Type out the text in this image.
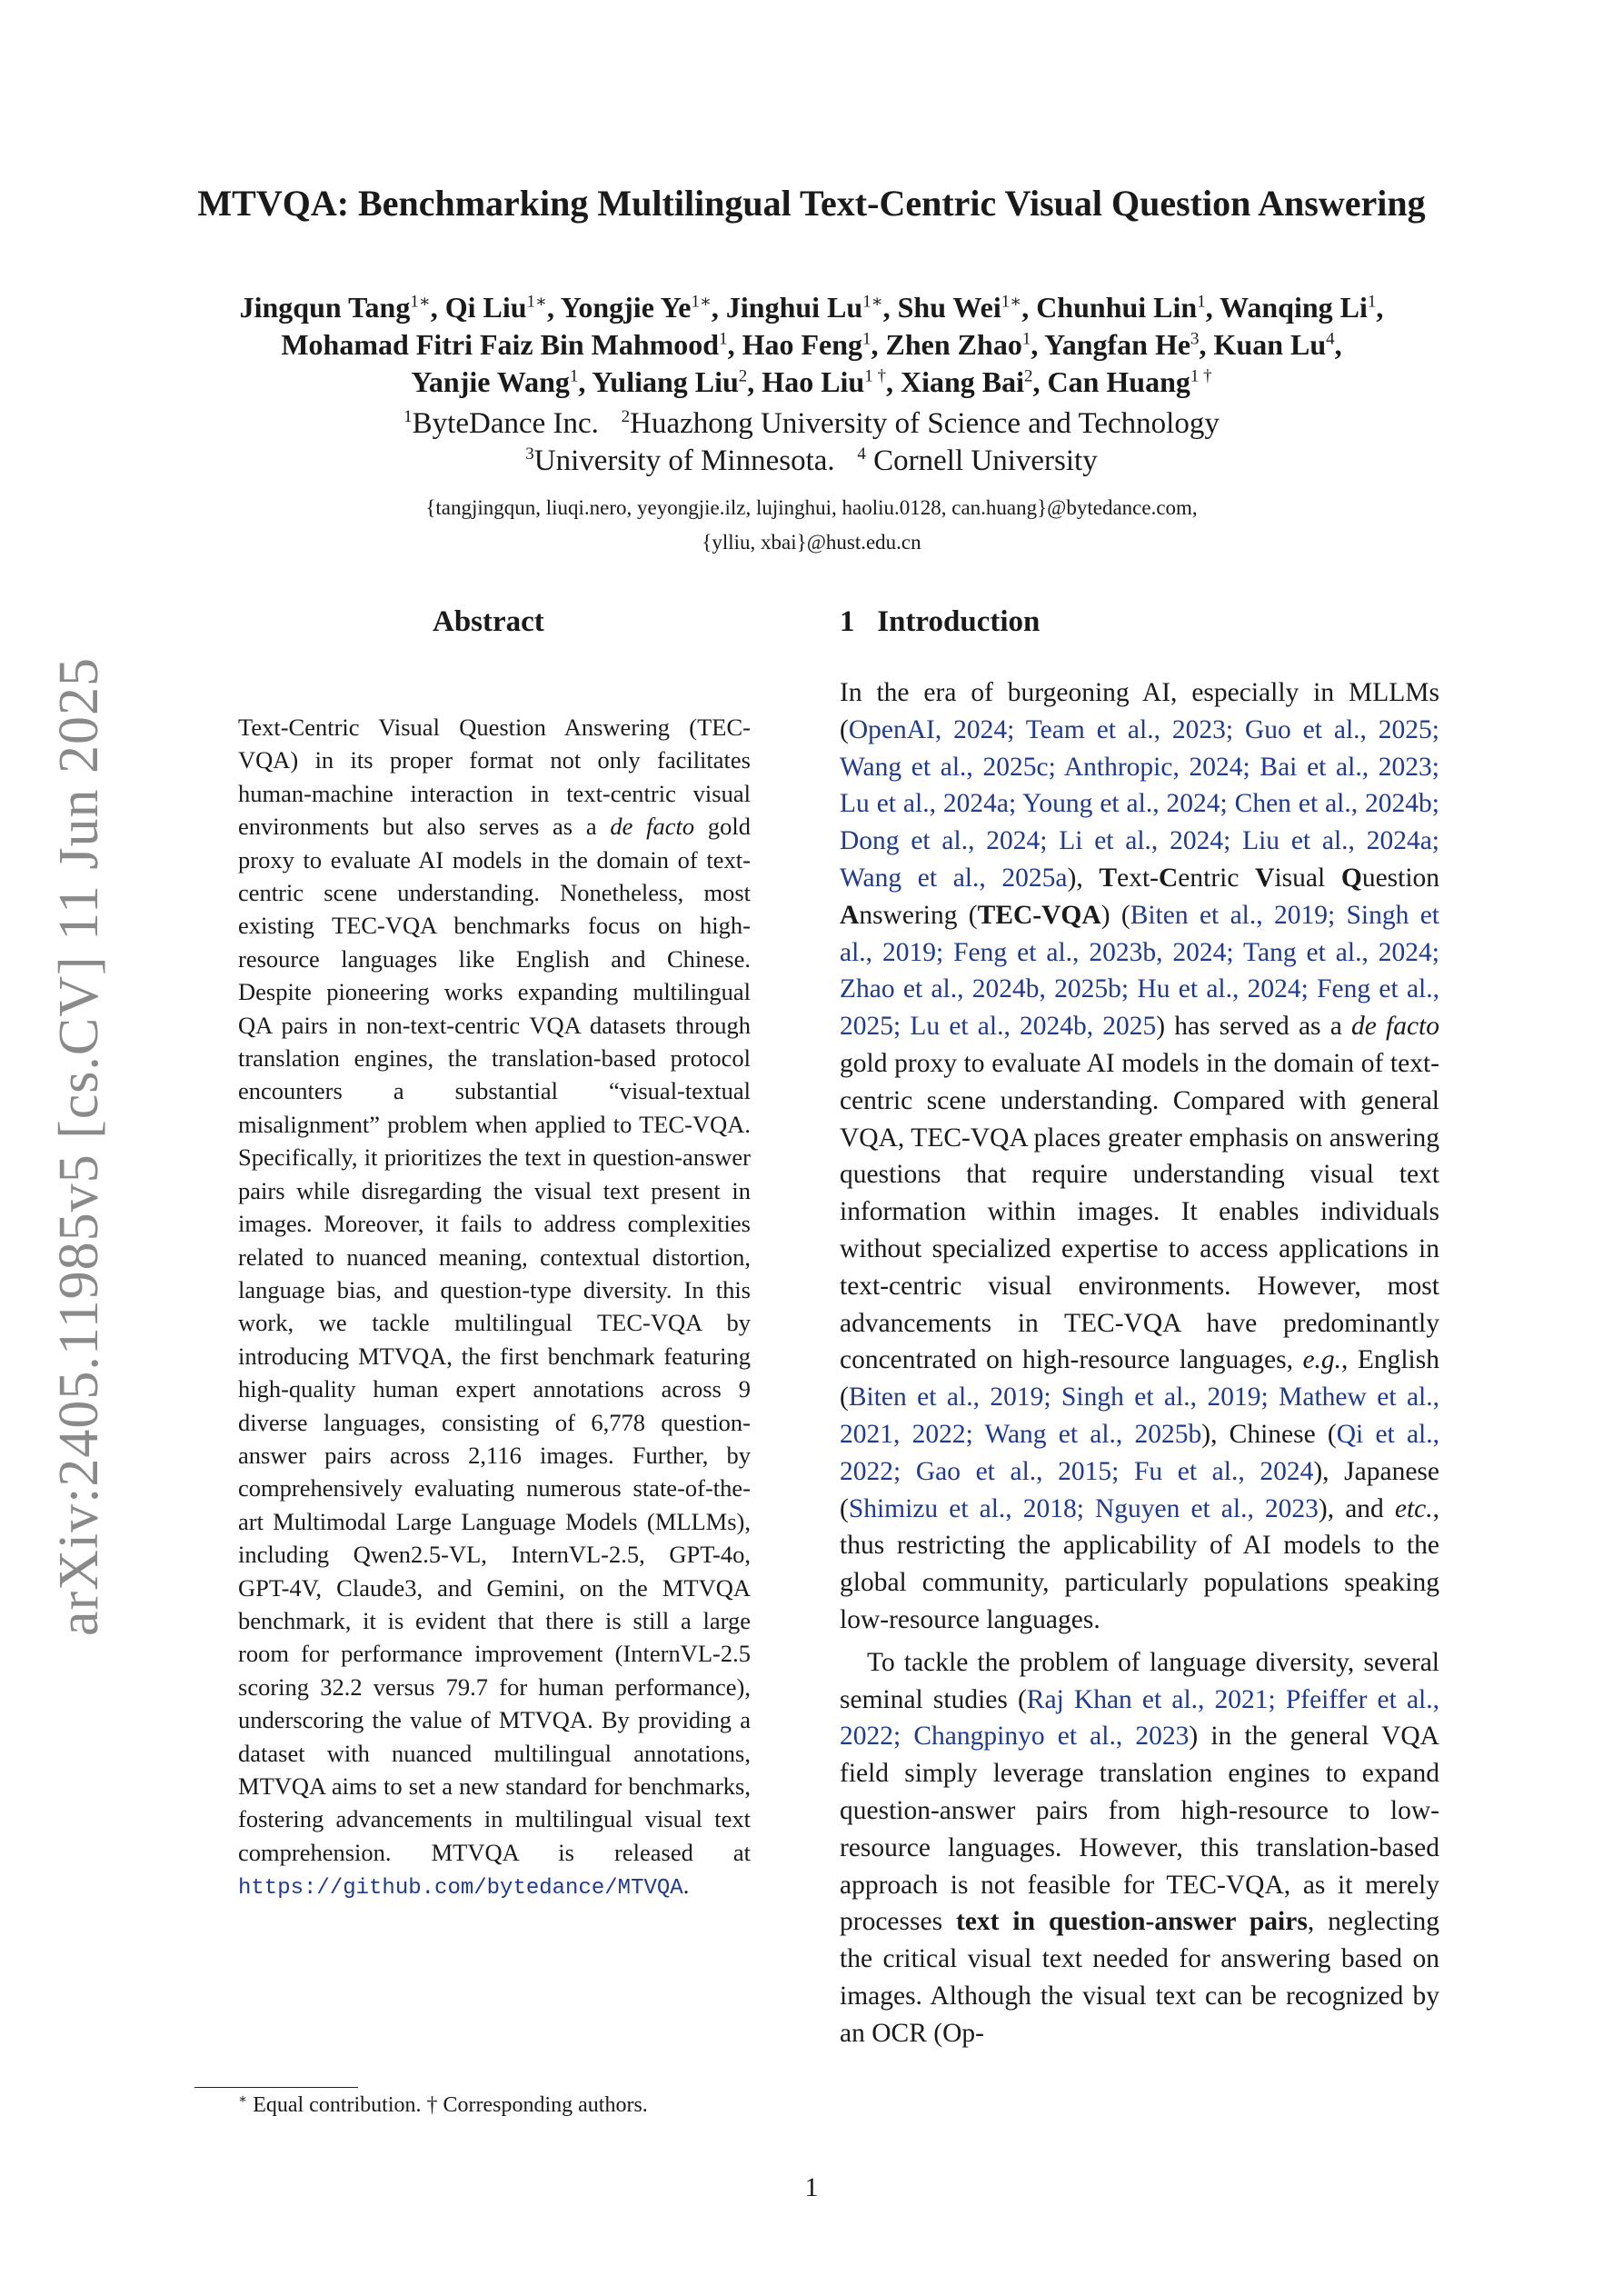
arXiv:2405.11985v5 [cs.CV] 11 Jun 2025
MTVQA: Benchmarking Multilingual Text-Centric Visual Question Answering
Jingqun Tang$^{1∗}$, Qi Liu$^{1∗}$, Yongjie $Ye^{1∗}$, Jinghui $Lu^{1∗}$, Shu Wei$^{1∗}$, Chunhui Lin$^1$, Wanqing Li$^1$,
Mohamad Fitri Faiz Bin Mahmood$^1$, Hao Feng$^1$, Zhen Zhao$^1$, Yangfan He$^3$, Kuan Lu$^4$,
Yanjie Wang$^1$, Yuliang Liu$^2$, Hao Liu$^{1 \dagger}$, Xiang Bai$^2$, Can Huang$^{1 \dagger}$
$^1$ByteDance Inc. $^2$Huazhong University of Science and Technology
$^3$University of Minnesota. $^4$ Cornell University
{tangjingqun, liuqi.nero, yeyongjie.ilz, lujinghui, haoliu.0128, can.huang}@bytedance.com,
{ylliu, xbai}@hust.edu.cn
Abstract
Text-Centric Visual Question Answering (TEC-VQA) in its proper format not only facilitates human-machine interaction in text-centric visual environments but also serves as a de facto gold proxy to evaluate AI models in the domain of text-centric scene understanding. Nonetheless, most existing TEC-VQA benchmarks focus on high-resource languages like English and Chinese. Despite pioneering works expanding multilingual QA pairs in non-text-centric VQA datasets through translation engines, the translation-based protocol encounters a substantial “visual-textual misalignment” problem when applied to TEC-VQA. Specifically, it prioritizes the text in question-answer pairs while disregarding the visual text present in images. Moreover, it fails to address complexities related to nuanced meaning, contextual distortion, language bias, and question-type diversity. In this work, we tackle multilingual TEC-VQA by introducing MTVQA, the first benchmark featuring high-quality human expert annotations across 9 diverse languages, consisting of 6,778 question-answer pairs across 2,116 images. Further, by comprehensively evaluating numerous state-of-the-art Multimodal Large Language Models (MLLMs), including Qwen2.5-VL, InternVL-2.5, GPT-4o, GPT-4V, Claude3, and Gemini, on the MTVQA benchmark, it is evident that there is still a large room for performance improvement (InternVL-2.5 scoring 32.2 versus 79.7 for human performance), underscoring the value of MTVQA. By providing a dataset with nuanced multilingual annotations, MTVQA aims to set a new standard for benchmarks, fostering advancements in multilingual visual text comprehension. MTVQA is released at https://github.com/bytedance/MTVQA.
1 Introduction

In the era of burgeoning AI, especially in MLLMs (OpenAI, 2024; Team et al., 2023; Guo et al., 2025; Wang et al., 2025c; Anthropic, 2024; Bai et al., 2023; Lu et al., 2024a; Young et al., 2024; Chen et al., 2024b; Dong et al., 2024; Li et al., 2024; Liu et al., 2024a; Wang et al., 2025a), Text-Centric Visual Question Answering (TEC-VQA) (Biten et al., 2019; Singh et al., 2019; Feng et al., 2023b, 2024; Tang et al., 2024; Zhao et al., 2024b, 2025b; Hu et al., 2024; Feng et al., 2025; Lu et al., 2024b, 2025) has served as a de facto gold proxy to evaluate AI models in the domain of text-centric scene understanding. Compared with general VQA, TEC-VQA places greater emphasis on answering questions that require understanding visual text information within images. It enables individuals without specialized expertise to access applications in text-centric visual environments. However, most advancements in TEC-VQA have predominantly concentrated on high-resource languages, e.g., English (Biten et al., 2019; Singh et al., 2019; Mathew et al., 2021, 2022; Wang et al., 2025b), Chinese (Qi et al., 2022; Gao et al., 2015; Fu et al., 2024), Japanese (Shimizu et al., 2018; Nguyen et al., 2023), and etc., thus restricting the applicability of AI models to the global community, particularly populations speaking low-resource languages.

To tackle the problem of language diversity, several seminal studies (Raj Khan et al., 2021; Pfeiffer et al., 2022; Changpinyo et al., 2023) in the general VQA field simply leverage translation engines to expand question-answer pairs from high-resource to low-resource languages. However, this translation-based approach is not feasible for TEC-VQA, as it merely processes text in question-answer pairs, neglecting the critical visual text needed for answering based on images. Although the visual text can be recognized by an OCR (Op-

∗ Equal contribution. † Corresponding authors.
1
